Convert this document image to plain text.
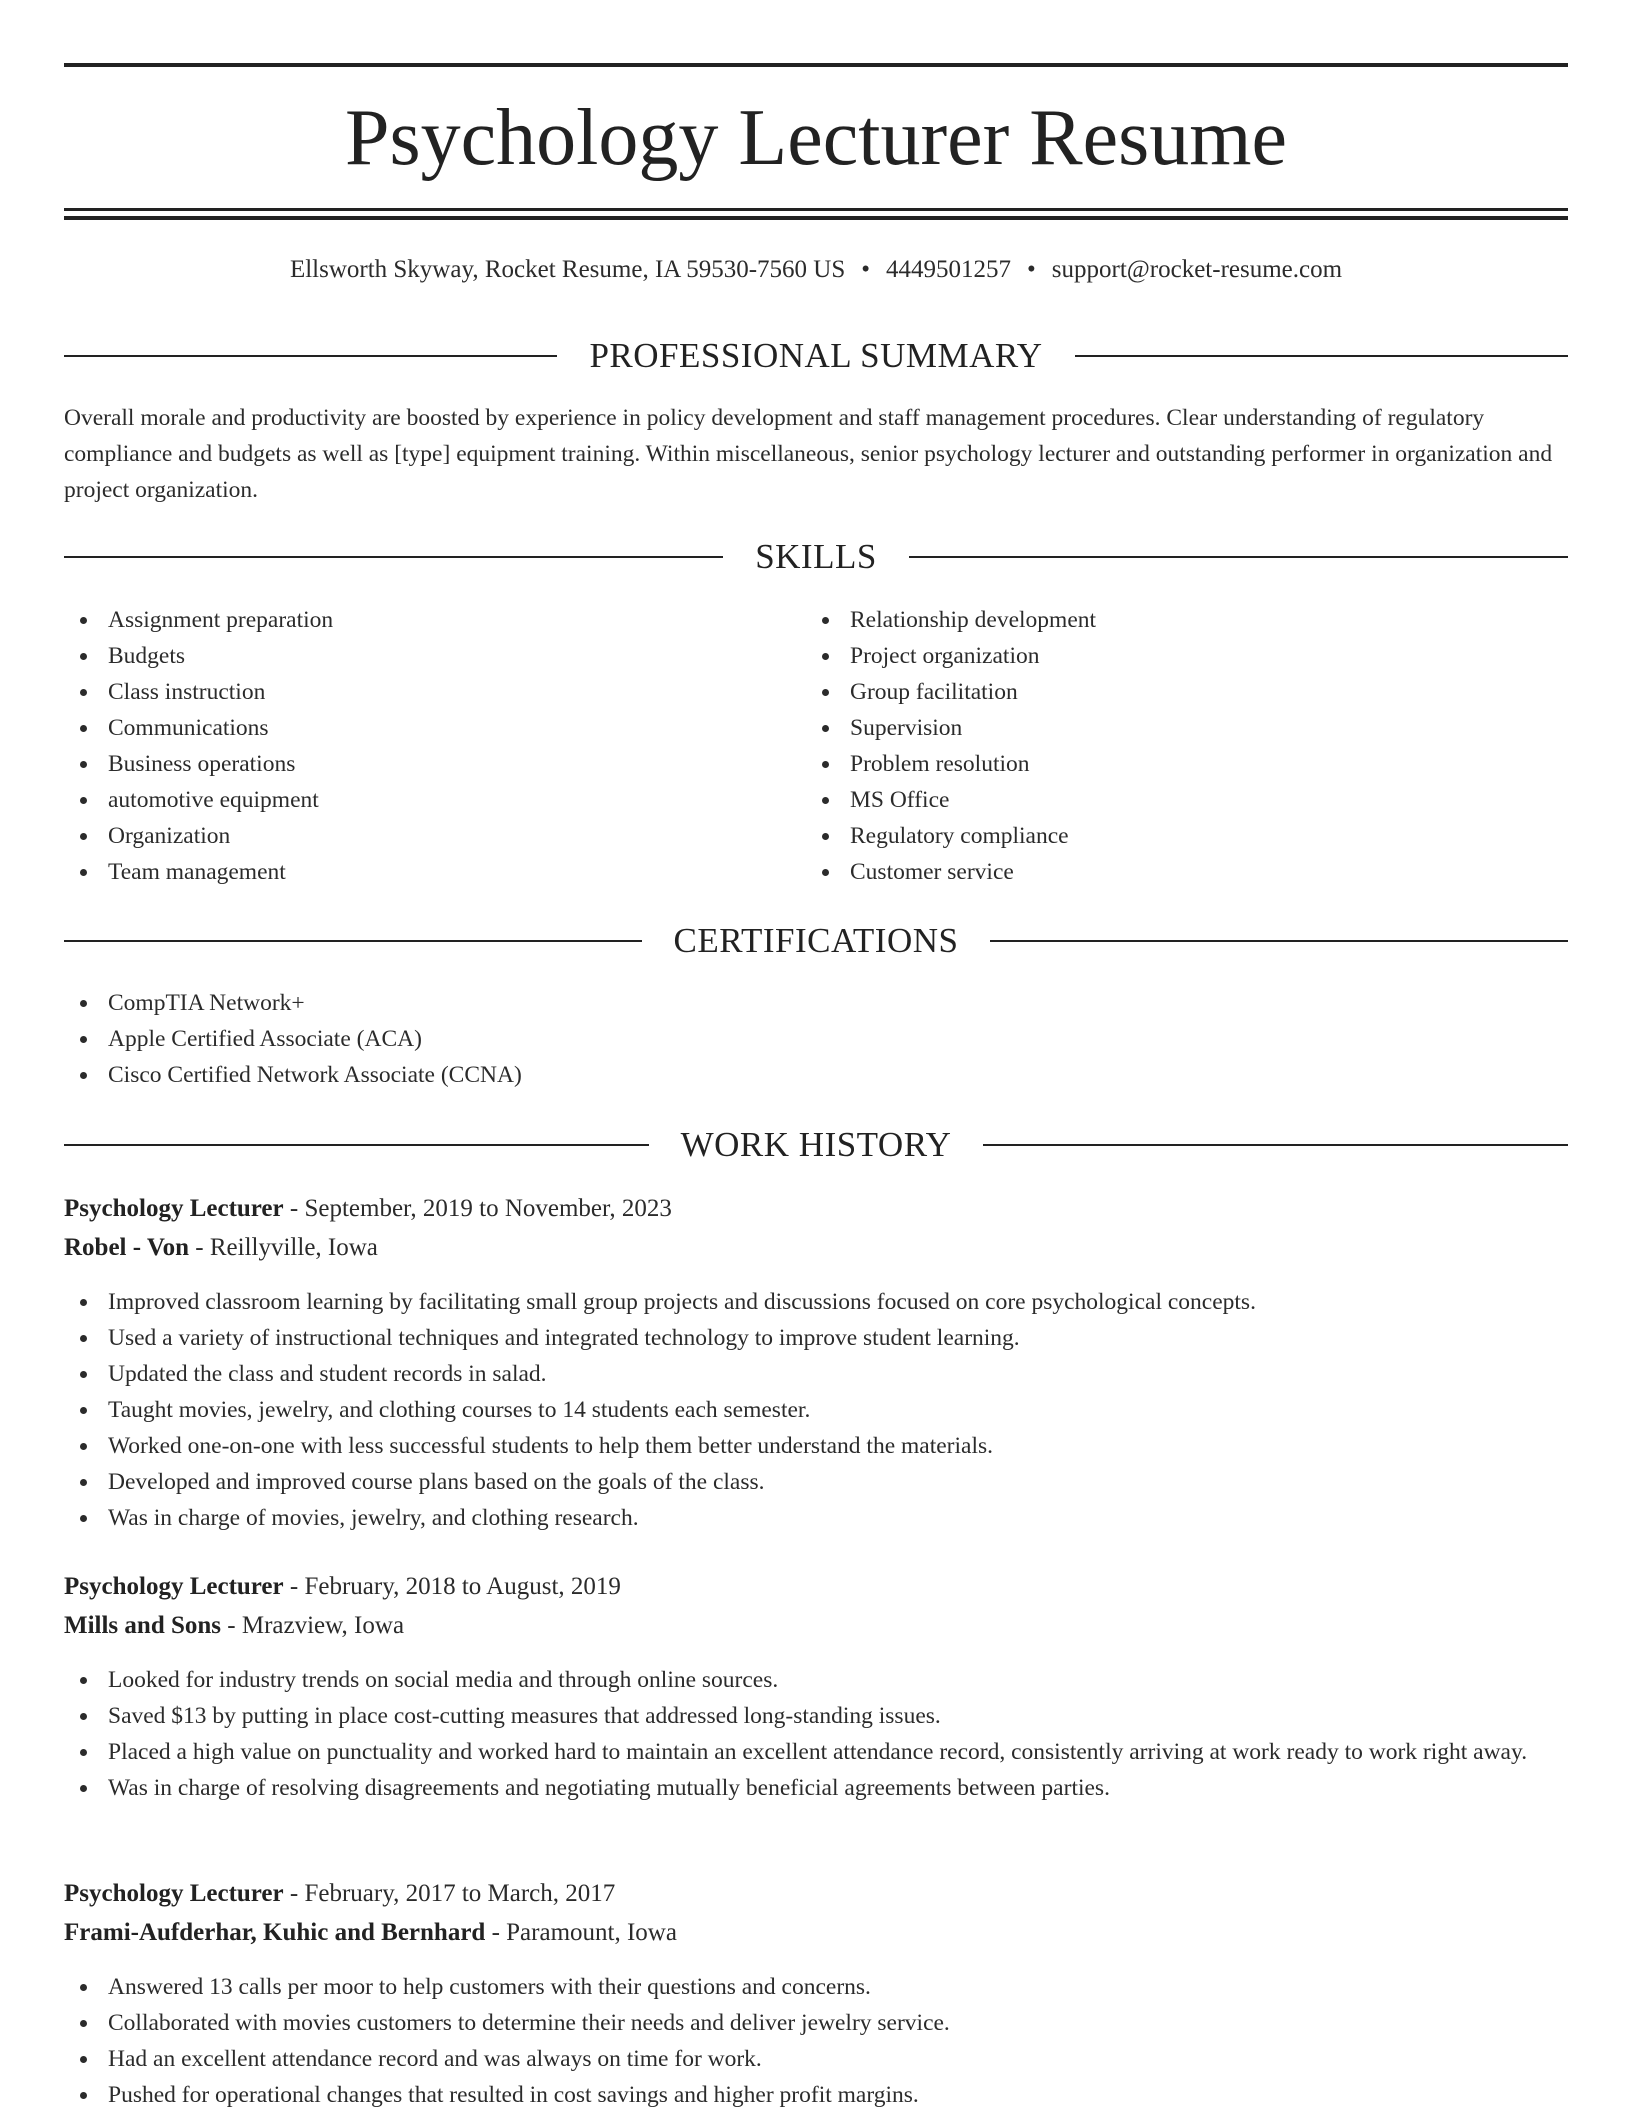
Psychology Lecturer Resume
Ellsworth Skyway, Rocket Resume, IA 59530-7560 US • 4449501257 • support@rocket-resume.com
PROFESSIONAL SUMMARY

Overall morale and productivity are boosted by experience in policy development and staff management procedures. Clear understanding of regulatory compliance and budgets as well as [type] equipment training. Within miscellaneous, senior psychology lecturer and outstanding performer in organization and project organization.

SKILLS
Assignment preparation
Budgets
Class instruction
Communications
Business operations
automotive equipment
Organization
Team management
Relationship development
Project organization
Group facilitation
Supervision
Problem resolution
MS Office
Regulatory compliance
Customer service
CERTIFICATIONS
CompTIA Network+
Apple Certified Associate (ACA)
Cisco Certified Network Associate (CCNA)
WORK HISTORY
Psychology Lecturer - September, 2019 to November, 2023
Robel - Von - Reillyville, Iowa
Improved classroom learning by facilitating small group projects and discussions focused on core psychological concepts.
Used a variety of instructional techniques and integrated technology to improve student learning.
Updated the class and student records in salad.
Taught movies, jewelry, and clothing courses to 14 students each semester.
Worked one-on-one with less successful students to help them better understand the materials.
Developed and improved course plans based on the goals of the class.
Was in charge of movies, jewelry, and clothing research.
Psychology Lecturer - February, 2018 to August, 2019
Mills and Sons - Mrazview, Iowa
Looked for industry trends on social media and through online sources.
Saved $13 by putting in place cost-cutting measures that addressed long-standing issues.
Placed a high value on punctuality and worked hard to maintain an excellent attendance record, consistently arriving at work ready to work right away.
Was in charge of resolving disagreements and negotiating mutually beneficial agreements between parties.
Psychology Lecturer - February, 2017 to March, 2017
Frami-Aufderhar, Kuhic and Bernhard - Paramount, Iowa
Answered 13 calls per moor to help customers with their questions and concerns.
Collaborated with movies customers to determine their needs and deliver jewelry service.
Had an excellent attendance record and was always on time for work.
Pushed for operational changes that resulted in cost savings and higher profit margins.
